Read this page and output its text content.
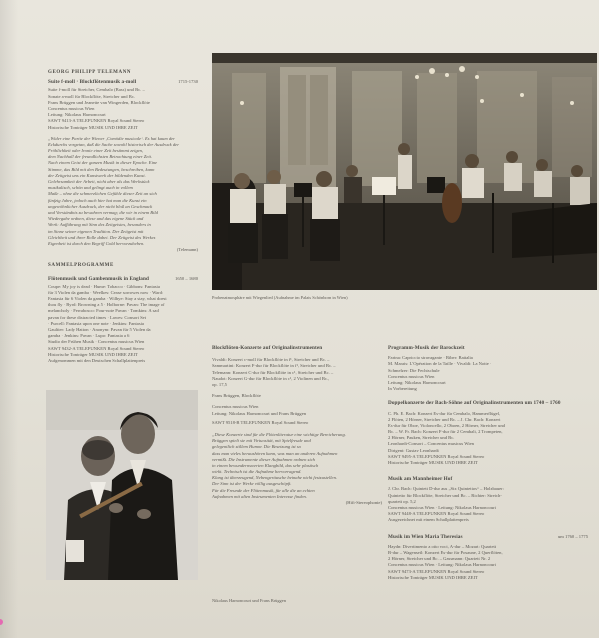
GEORG PHILIPP TELEMANN
Suite f-moll · Blockflötenmusik a-moll	1715-1730
Suite f-moll für Streicher, Cembalo (Bass) und Bc. –
Sonate a-moll für Blockflöte, Streicher und Bc.
Frans Brüggen und Jeanette van Wingerden, Blockflöte
Concentus musicus Wien
Leitung: Nikolaus Harnoncourt
SAWT 9413-A TELEFUNKEN Royal Sound Stereo
Historische Tonträger MUSIK UND IHRE ZEIT
„Wider eine Partie der Wiener ‚Comödie musicale‘. Es hat kaum der
Eckdurchs vorgetan, daß die Sache sowohl historisch der Ausdruck der
Fröhlichkeit oder Ironie einer Zeit bestimmt zeigen,
dem Nachhall der freundlichsten Betrachtung einer Zeit.
Nach einem Geist der ganzen Musik in dieser Epoche. Eine
Stimme, das Bild mit den Bedeutungen, beschreiben, kann
der Zeitgeist uns ein Kunstwerk der bildenden Kunst.
Gelehrsamkeit der Arbeit, nicht aber als das Werkstück
musikalisch, schön und gelingt auch in vollem
Maße – ohne die schmerzlichen Gefühle dieser Zeit an sich
fünfzig Jahre, jedoch auch hier hat man die Kunst ein
ungewöhnlicher Ausdruck, der nicht bloß an Geschmack
und Verständnis zu bewahren vermag; die wir in einem Bild
Wiedergabe ordnen, diese und das eigene Stück und
Werk: Aufführung mit Sinn des Zeitgeistes, besonders in
im Sinne seiner eigenen Tradition. Der Zeitgeist mit
Gleichheit und ihrer Rolle dabei. Der Zeitgeist des Werkes
Eigenheit ist durch den Begriff Gold hervorzuheben.
(Telemann)
SAMMELPROGRAMME
Flötenmusik und Gambenmusik in England	1650 – 1680
Coupe: My joy is dead · Hume: Tobacco · Gibbons: Fantasia
für 3 Violen da gamba · Weelkes: Cease sorrowes now · Ward:
Fantasia für 6 Violen da gamba · Wilbye: Stay a stay, what doest
thou fly · Byrd: Browning a 5 · Holborne: Pavan: The image of
melancholy · Ferrabosco: Four-note Pavan · Tomkins: A sad
pavan for these distracted times · Lawes: Consort Set
· Purcell: Fantasia upon one note · Jenkins: Fantasia
Gaultier: Lady Hatton · Anonym: Pavan für 5 Violen da
gamba · Jenkins: Pavan · Lupo: Fantasia a 6
Studio der Frühen Musik · Concentus musicus Wien
SAWT 9432-A TELEFUNKEN Royal Sound Stereo
Historische Tonträger MUSIK UND IHRE ZEIT
Aufgenommen mit den Deutschen Schallplattenpreis
Probenatmosphäre mit Wiegenlied (Aufnahme im Palais Schönborn in Wien)
Blockflöten-Konzerte auf Originalinstrumenten
Vivaldi: Konzert c-moll für Blockflöte in f¹, Streicher und Bc. –
Sammartini: Konzert F-dur für Blockflöte in f¹, Streicher und Bc. –
Telemann: Konzert C-dur für Blockflöte in c¹, Streicher und Bc. –
Naudot: Konzert G-dur für Blockflöte in c¹, 2 Violinen und Bc.,
op. 17,5
Frans Brüggen, Blockflöte
Concentus musicus Wien
Leitung: Nikolaus Harnoncourt und Frans Brüggen
SAWT 9518-B TELEFUNKEN Royal Sound Stereo
„Diese Konzerte sind für die Flötenliteratur eine wichtige Bereicherung.
Brüggen spielt sie mit Virtuosität, mit Spielfreude und
gelegentlich stillem Humor. Die Besetzung ist so
dass man vieles heraushören kann, was man an anderen Aufnahmen
vermißt. Die Instrumente dieser Aufnahmen ordnen sich
in einem bewundernswerten Klangbild, das sehr plastisch
wirkt. Technisch ist die Aufnahme hervorragend.
Klang ist überzeugend, Nebengeräusche beinahe nicht festzustellen.
Der Sinn ist der Werke völlig ausgeschöpft.
Für die Freunde der Flötenmusik, für alle die an echten
Aufnahmen mit alten Instrumenten Interesse finden.
(Hifi-Stereophonie)
Programm-Musik der Barockzeit
Farina: Capriccio stravagante · Biber: Battalia
M. Marais: L'Opération de la Taille · Vivaldi: La Notte ·
Schmelzer: Die Fechtschule
Concentus musicus Wien
Leitung: Nikolaus Harnoncourt
In Vorbereitung
Doppelkonzerte der Bach-Söhne auf Originalinstrumenten um 1740 – 1760
C. Ph. E. Bach: Konzert Es-dur für Cembalo, Hammerflügel,
2 Flöten, 2 Hörner, Streicher und Bc. – J. Chr. Bach: Konzert
Es-dur für Oboe, Violoncello, 2 Oboen, 2 Hörner, Streicher und
Bc. – W. Fr. Bach: Konzert F-dur für 2 Cembali, 2 Trompeten,
2 Hörner, Pauken, Streicher und Bc.
Leonhardt-Consort – Concentus musicus Wien
Dirigent: Gustav Leonhardt
SAWT 9495-A TELEFUNKEN Royal Sound Stereo
Historische Tonträger MUSIK UND IHRE ZEIT
Musik am Mannheimer Hof
J. Chr. Bach: Quintett D-dur aus „Six Quintettos“ – Holzbauer:
Quintetto für Blockflöte, Streicher und Bc. – Richter: Streich-
quartett op. 5,2
Concentus musicus Wien · Leitung: Nikolaus Harnoncourt
SAWT 9448-A TELEFUNKEN Royal Sound Stereo
Ausgezeichnet mit einem Schallplattenpreis
Musik im Wien Maria Theresias	um 1760 – 1775
Haydn: Divertimento a otto voci, A-dur – Mozart: Quartett
B-dur – Wagenseil: Konzert Es-dur für Posaune, 2 Querflöten,
2 Hörner, Streicher und Bc. – Gassmann: Quartett Nr. 2
Concentus musicus Wien · Leitung: Nikolaus Harnoncourt
SAWT 9473-A TELEFUNKEN Royal Sound Stereo
Historische Tonträger MUSIK UND IHRE ZEIT
Nikolaus Harnoncourt und Frans Brüggen
